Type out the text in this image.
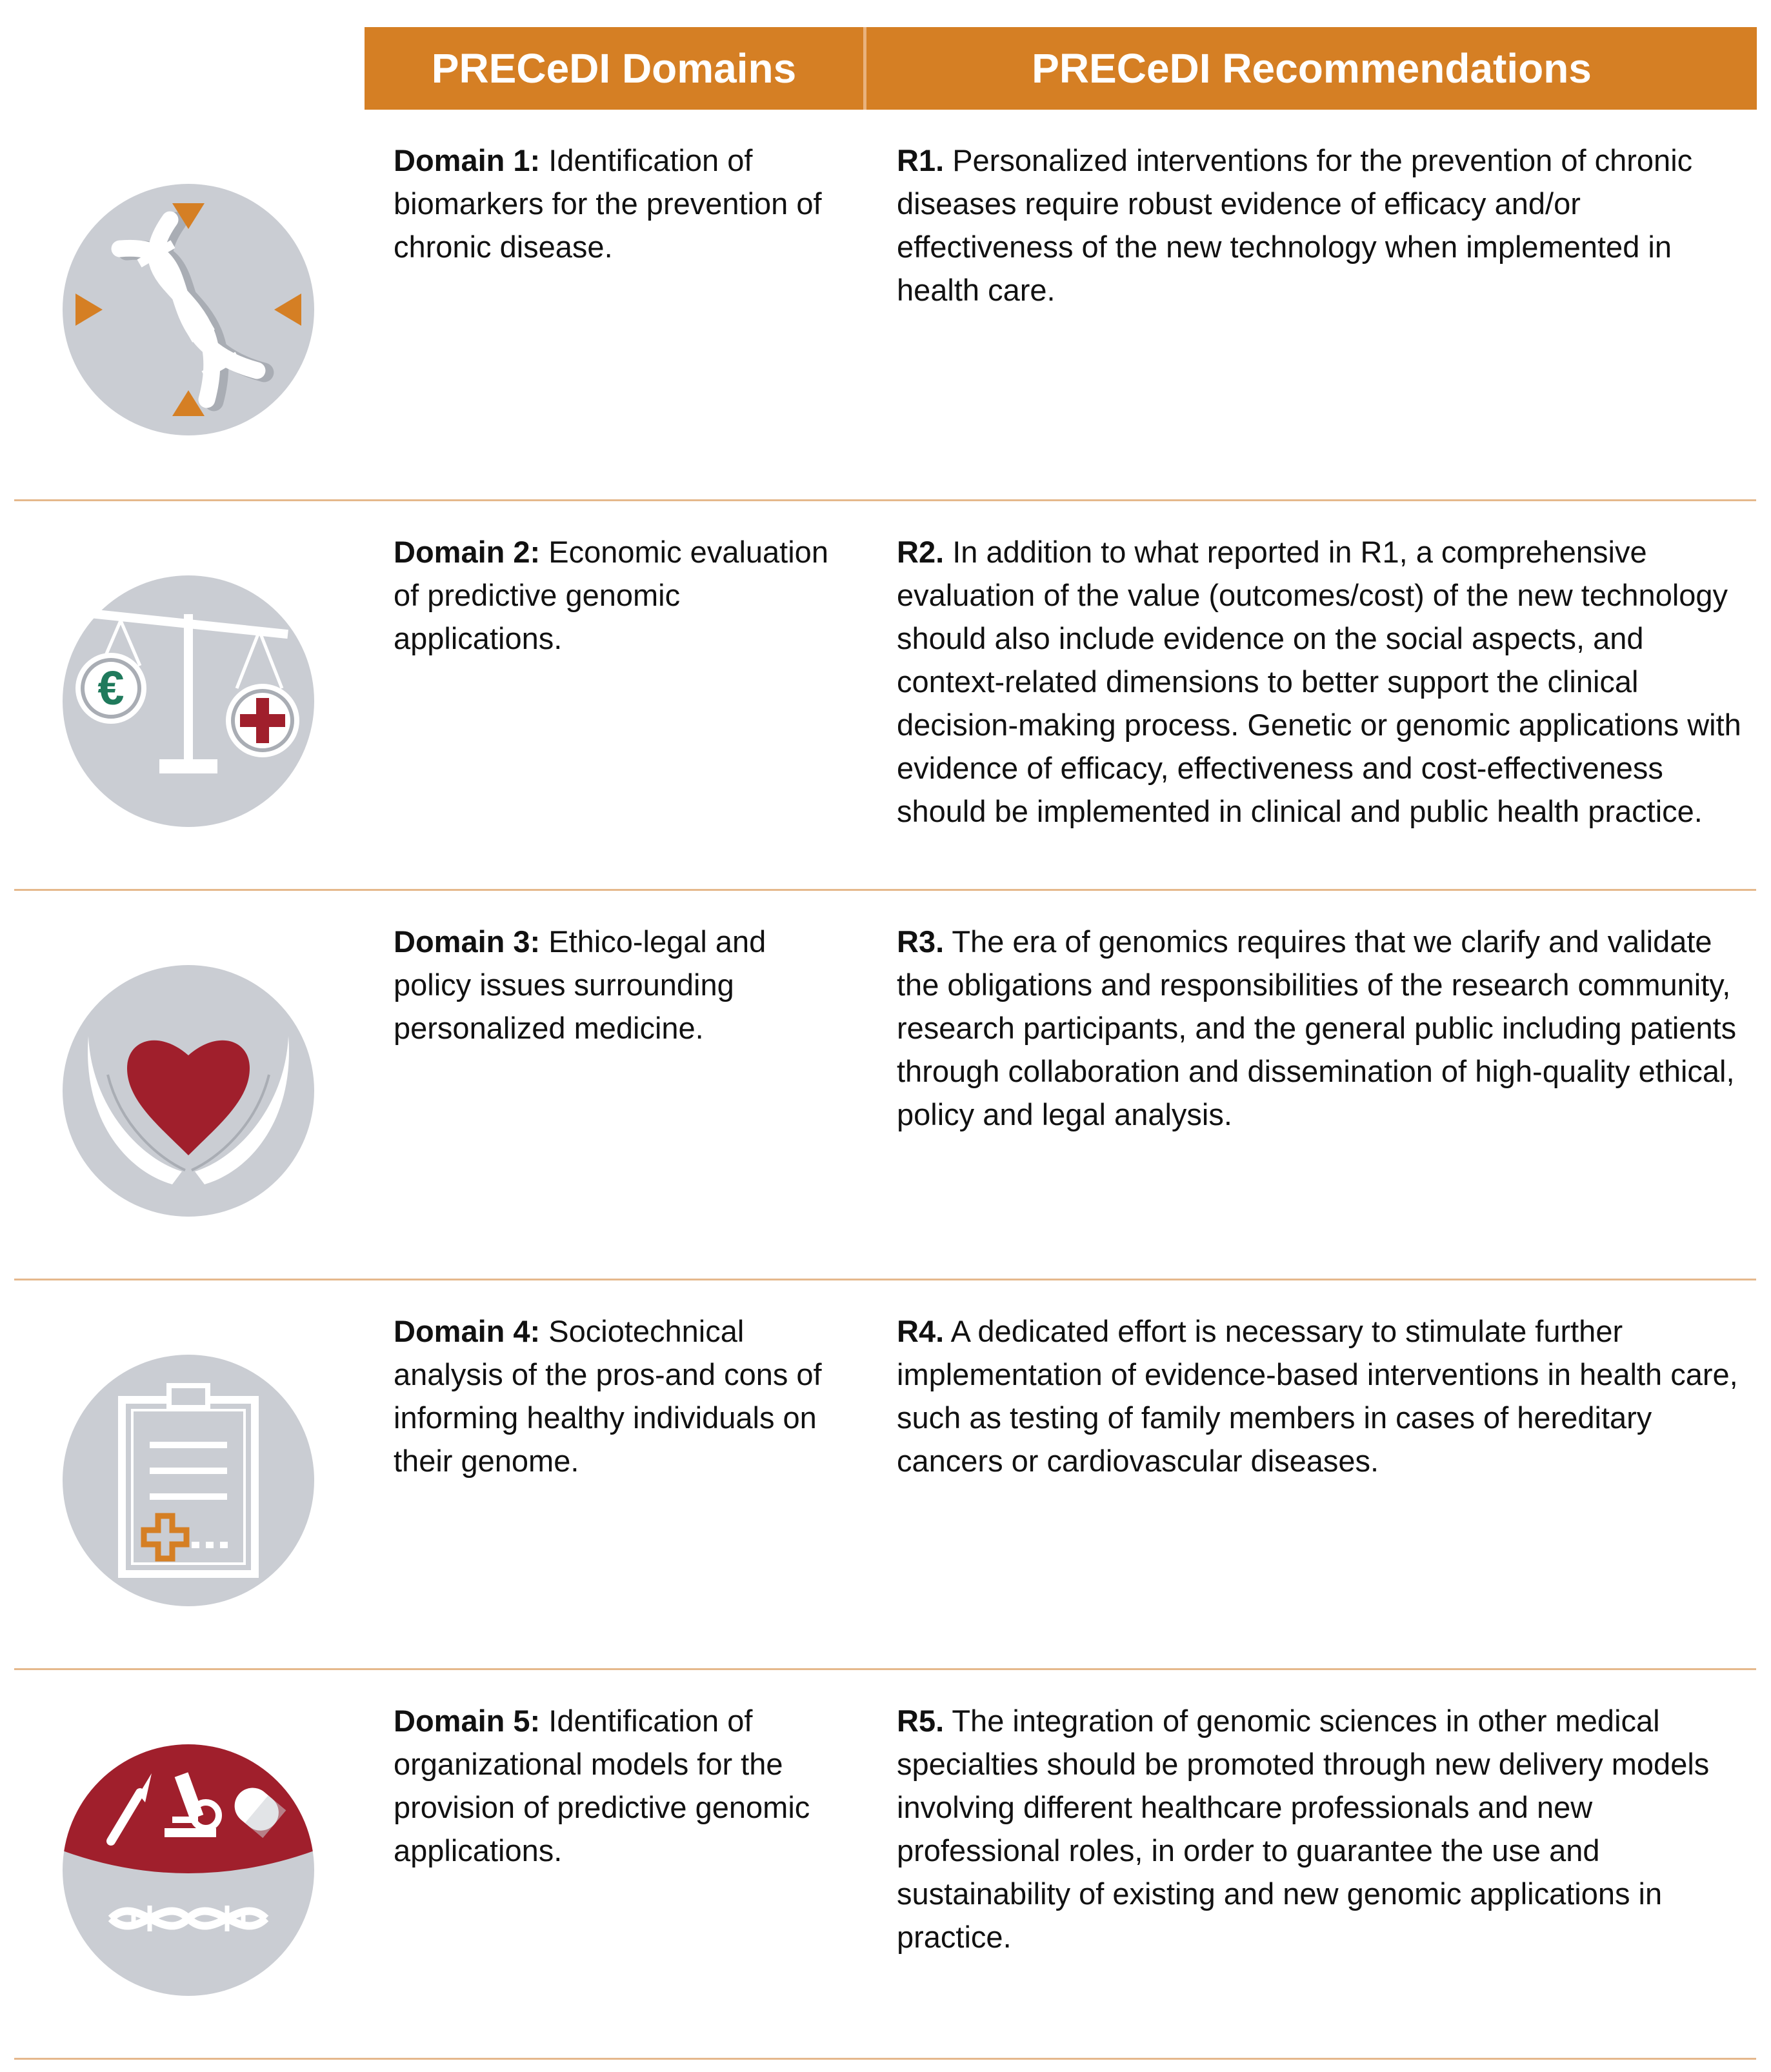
PRECeDI Domains	PRECeDI Recommendations
Domain 1: Identification of biomarkers for the prevention of chronic disease.
R1. Personalized interventions for the prevention of chronic diseases require robust evidence of efficacy and/or effectiveness of the new technology when implemented in health care.
€
Domain 2: Economic evaluation of predictive genomic applications.
R2. In addition to what reported in R1, a comprehensive evaluation of the value (outcomes/cost) of the new technology should also include evidence on the social aspects, and context-related dimensions to better support the clinical decision-making process. Genetic or genomic applications with evidence of efficacy, effectiveness and cost-effectiveness should be implemented in clinical and public health practice.
Domain 3: Ethico-legal and policy issues surrounding personalized medicine.
R3. The era of genomics requires that we clarify and validate the obligations and responsibilities of the research community, research participants, and the general public including patients through collaboration and dissemination of high-quality ethical, policy and legal analysis.
Domain 4: Sociotechnical analysis of the pros-and cons of informing healthy individuals on their genome.
R4. A dedicated effort is necessary to stimulate further implementation of evidence-based interventions in health care, such as testing of family members in cases of hereditary cancers or cardiovascular diseases.
Domain 5: Identification of organizational models for the provision of predictive genomic applications.
R5. The integration of genomic sciences in other medical specialties should be promoted through new delivery models involving different healthcare professionals and new professional roles, in order to guarantee the use and sustainability of existing and new genomic applications in practice.
